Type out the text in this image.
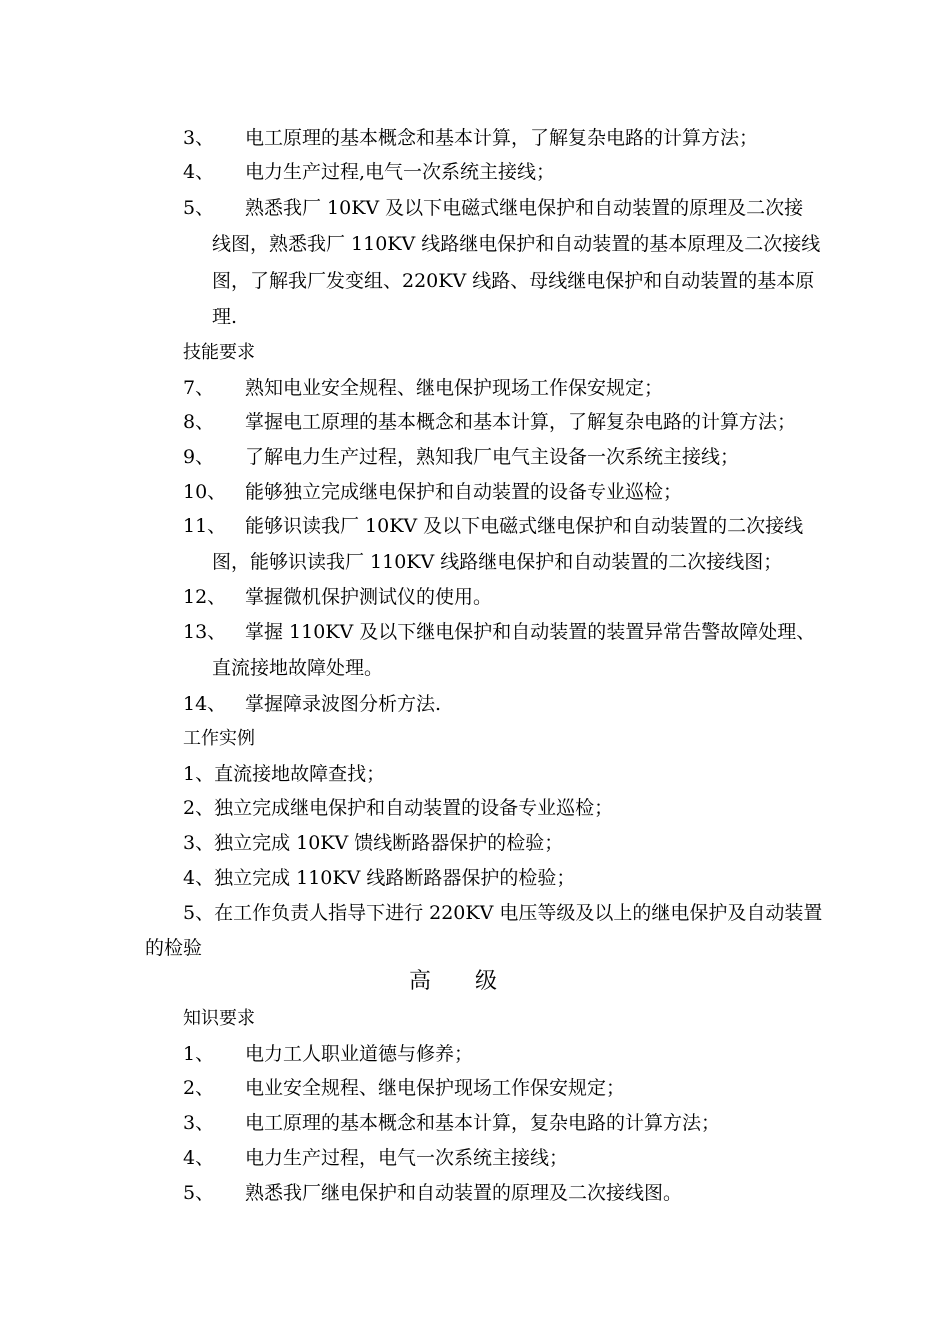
3、 电工原理的基本概念和基本计算，了解复杂电路的计算方法；
4、 电力生产过程,电气一次系统主接线；
5、 熟悉我厂 10KV 及以下电磁式继电保护和自动装置的原理及二次接
线图，熟悉我厂 110KV 线路继电保护和自动装置的基本原理及二次接线
图，了解我厂发变组、220KV 线路、母线继电保护和自动装置的基本原
理.
技能要求
7、 熟知电业安全规程、继电保护现场工作保安规定；
8、 掌握电工原理的基本概念和基本计算，了解复杂电路的计算方法；
9、 了解电力生产过程，熟知我厂电气主设备一次系统主接线；
10、 能够独立完成继电保护和自动装置的设备专业巡检；
11、 能够识读我厂 10KV 及以下电磁式继电保护和自动装置的二次接线
图，能够识读我厂 110KV 线路继电保护和自动装置的二次接线图；
12、 掌握微机保护测试仪的使用。
13、 掌握 110KV 及以下继电保护和自动装置的装置异常告警故障处理、
直流接地故障处理。
14、 掌握障录波图分析方法.
工作实例
1、直流接地故障查找；
2、独立完成继电保护和自动装置的设备专业巡检；
3、独立完成 10KV 馈线断路器保护的检验；
4、独立完成 110KV 线路断路器保护的检验；
5、在工作负责人指导下进行 220KV 电压等级及以上的继电保护及自动装置
的检验
高级
知识要求
1、 电力工人职业道德与修养；
2、 电业安全规程、继电保护现场工作保安规定；
3、 电工原理的基本概念和基本计算，复杂电路的计算方法；
4、 电力生产过程，电气一次系统主接线；
5、 熟悉我厂继电保护和自动装置的原理及二次接线图。
